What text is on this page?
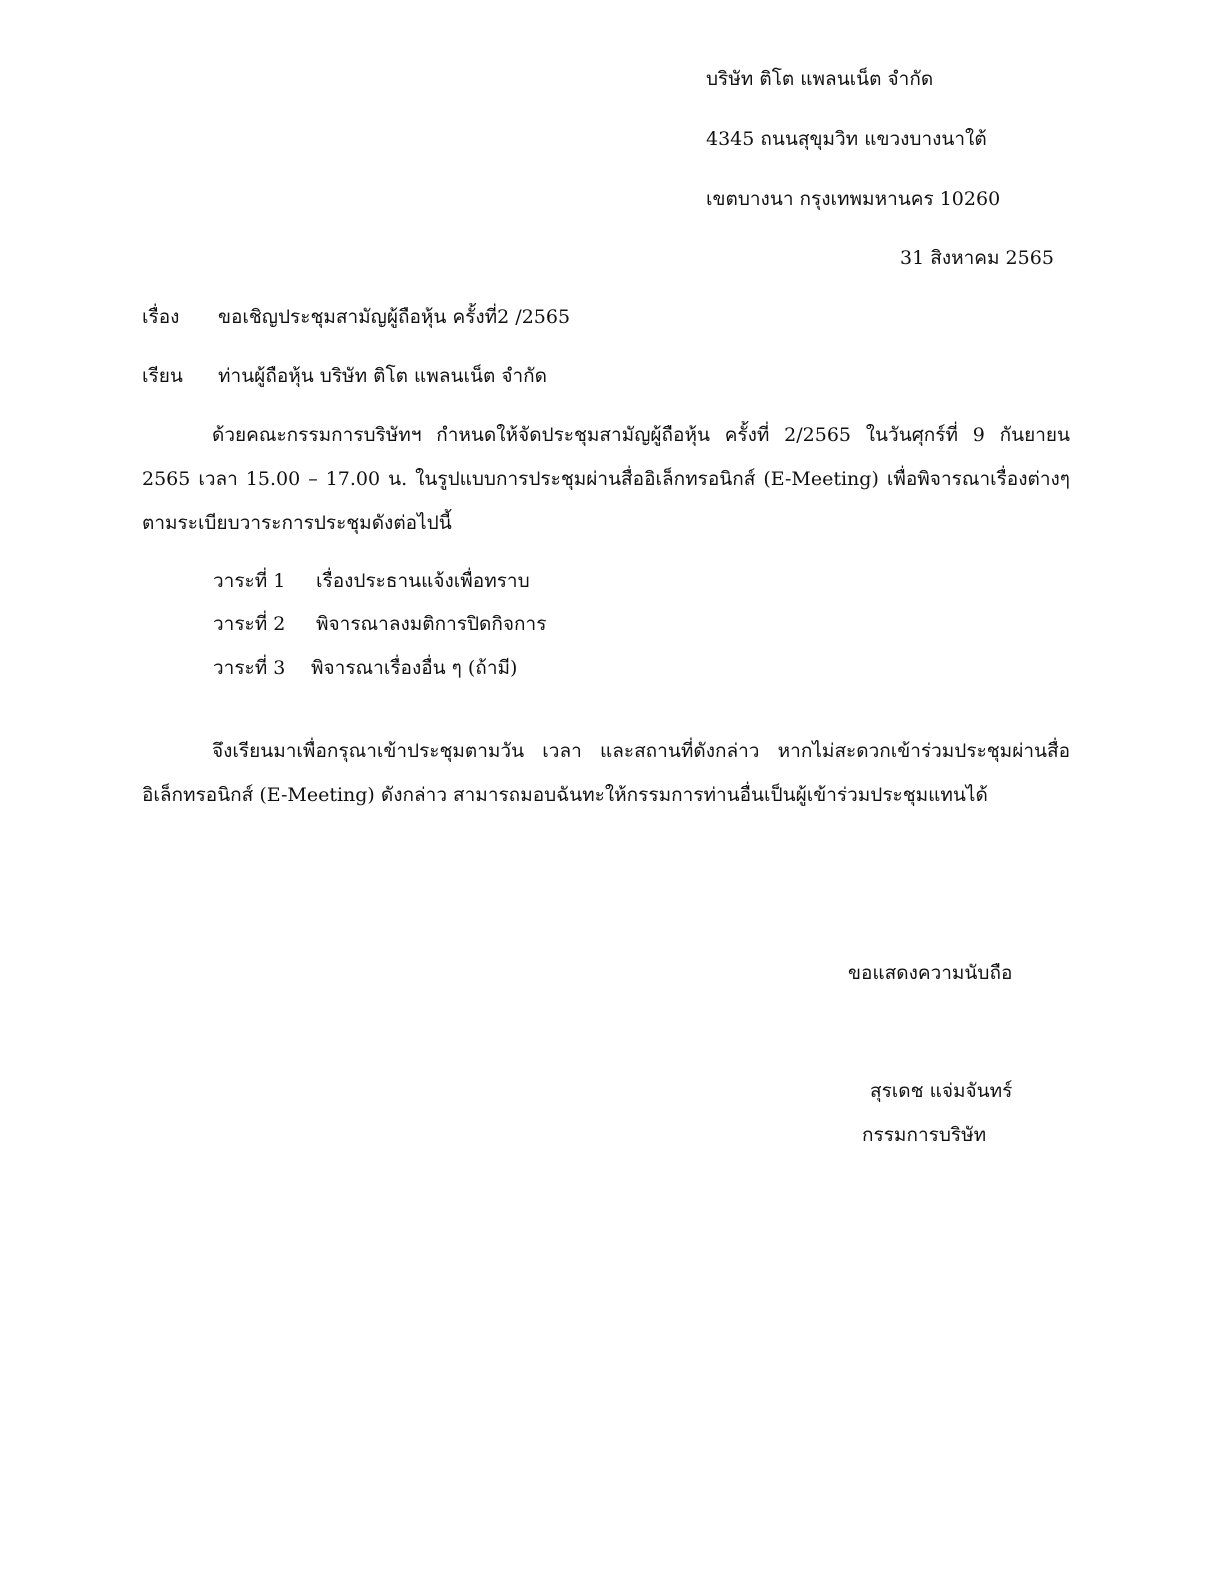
บริษัท ติโต แพลนเน็ต จำกัด
4345 ถนนสุขุมวิท แขวงบางนาใต้
เขตบางนา กรุงเทพมหานคร 10260
31 สิงหาคม 2565
เรื่อง ขอเชิญประชุมสามัญผู้ถือหุ้น ครั้งที่2 /2565
เรียน ท่านผู้ถือหุ้น บริษัท ติโต แพลนเน็ต จำกัด

ด้วยคณะกรรมการบริษัทฯ กำหนดให้จัดประชุมสามัญผู้ถือหุ้น ครั้งที่ 2/2565 ในวันศุกร์ที่ 9 กันยายน 2565 เวลา 15.00 – 17.00 น. ในรูปแบบการประชุมผ่านสื่ออิเล็กทรอนิกส์ (E-Meeting) เพื่อพิจารณาเรื่องต่างๆ ตามระเบียบวาระการประชุมดังต่อไปนี้

วาระที่ 1 เรื่องประธานแจ้งเพื่อทราบ
วาระที่ 2 พิจารณาลงมติการปิดกิจการ
วาระที่ 3 พิจารณาเรื่องอื่น ๆ (ถ้ามี)

จึงเรียนมาเพื่อกรุณาเข้าประชุมตามวัน เวลา และสถานที่ดังกล่าว หากไม่สะดวกเข้าร่วมประชุมผ่านสื่ออิเล็กทรอนิกส์ (E-Meeting) ดังกล่าว สามารถมอบฉันทะให้กรรมการท่านอื่นเป็นผู้เข้าร่วมประชุมแทนได้

ขอแสดงความนับถือ
สุรเดช แจ่มจันทร์
กรรมการบริษัท
